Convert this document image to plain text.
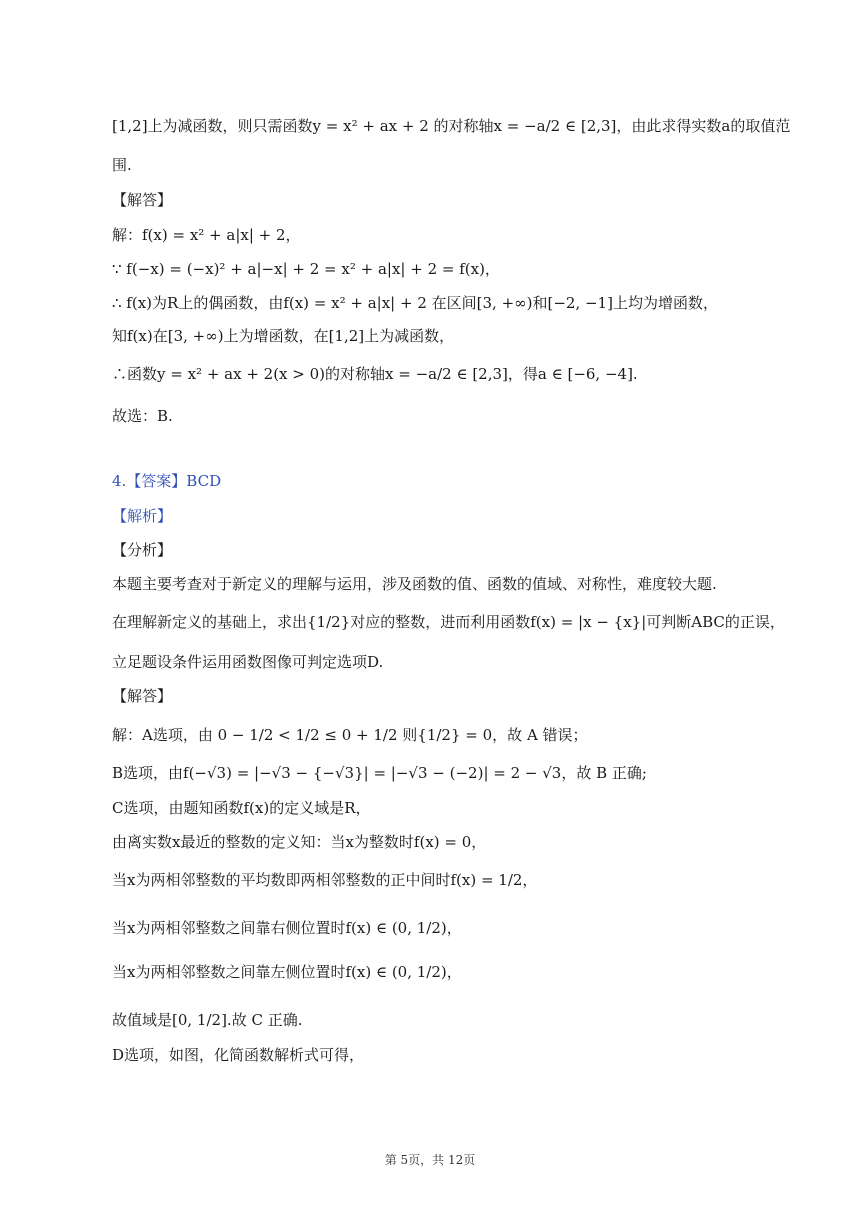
[1,2]上为减函数，则只需函数y = x² + ax + 2 的对称轴x = −a/2 ∈ [2,3]，由此求得实数a的取值范
围.
【解答】
解：f(x) = x² + a|x| + 2，
∵ f(−x) = (−x)² + a|−x| + 2 = x² + a|x| + 2 = f(x)，
∴ f(x)为R上的偶函数，由f(x) = x² + a|x| + 2 在区间[3, +∞)和[−2, −1]上均为增函数，
知f(x)在[3, +∞)上为增函数，在[1,2]上为减函数，
∴函数y = x² + ax + 2(x > 0)的对称轴x = −a/2 ∈ [2,3]，得a ∈ [−6, −4].
故选：B.
4.【答案】BCD
【解析】
【分析】
本题主要考查对于新定义的理解与运用，涉及函数的值、函数的值域、对称性，难度较大题.
在理解新定义的基础上，求出{1/2}对应的整数，进而利用函数f(x) = |x − {x}|可判断ABC的正误，
立足题设条件运用函数图像可判定选项D.
【解答】
解：A选项，由 0 − 1/2 < 1/2 ≤ 0 + 1/2 则{1/2} = 0，故 A 错误；
B选项，由f(−√3) = |−√3 − {−√3}| = |−√3 − (−2)| = 2 − √3，故 B 正确;
C选项，由题知函数f(x)的定义域是R，
由离实数x最近的整数的定义知：当x为整数时f(x) = 0，
当x为两相邻整数的平均数即两相邻整数的正中间时f(x) = 1/2，
当x为两相邻整数之间靠右侧位置时f(x) ∈ (0, 1/2)，
当x为两相邻整数之间靠左侧位置时f(x) ∈ (0, 1/2)，
故值域是[0, 1/2].故 C 正确.
D选项，如图，化简函数解析式可得，
第 5页，共 12页
